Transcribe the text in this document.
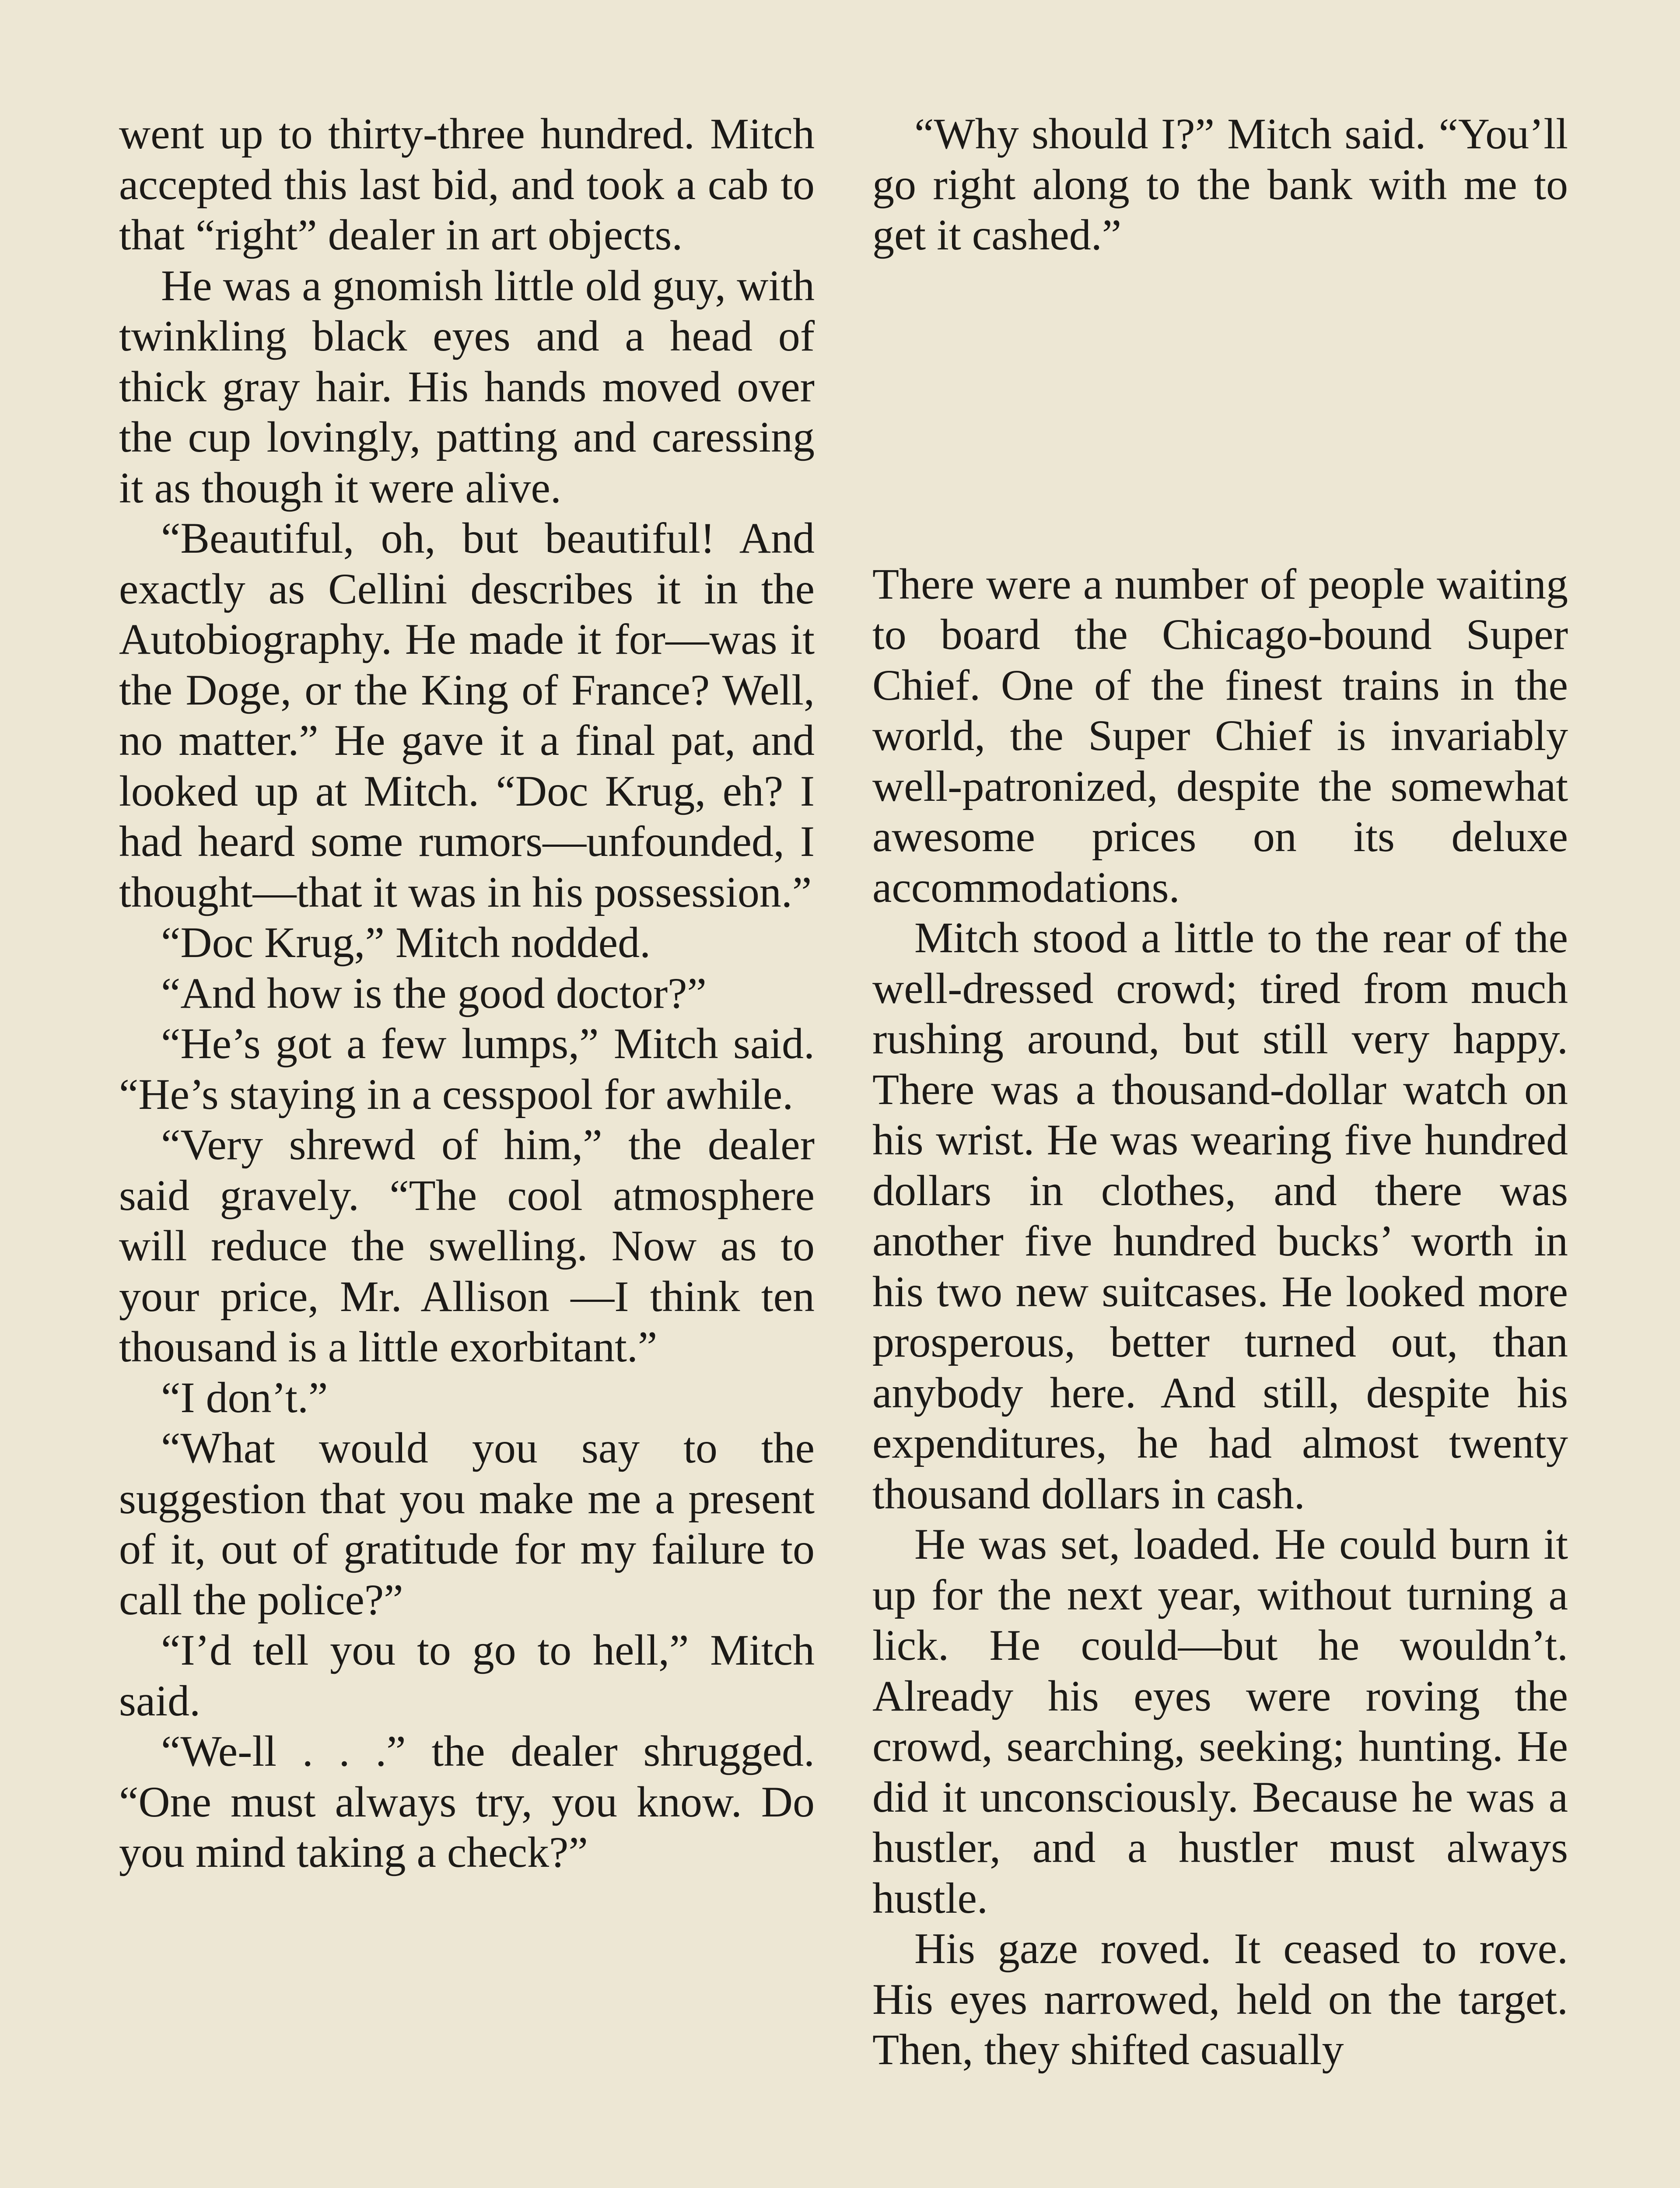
went up to thirty-three hundred. Mitch accepted this last bid, and took a cab to that “right” dealer in art objects.

He was a gnomish little old guy, with twinkling black eyes and a head of thick gray hair. His hands moved over the cup lovingly, patting and caressing it as though it were alive.

“Beautiful, oh, but beautiful! And exactly as Cellini describes it in the Autobiography. He made it for—was it the Doge, or the King of France? Well, no matter.” He gave it a final pat, and looked up at Mitch. “Doc Krug, eh? I had heard some rumors—unfounded, I thought—that it was in his possession.”

“Doc Krug,” Mitch nodded.

“And how is the good doctor?”

“He’s got a few lumps,” Mitch said. “He’s staying in a cesspool for awhile.

“Very shrewd of him,” the dealer said gravely. “The cool atmosphere will reduce the swelling. Now as to your price, Mr. Allison —I think ten thousand is a little exorbitant.”

“I don’t.”

“What would you say to the suggestion that you make me a present of it, out of gratitude for my failure to call the police?”

“I’d tell you to go to hell,” Mitch said.

“We-ll . . .” the dealer shrugged. “One must always try, you know. Do you mind taking a check?”

“Why should I?” Mitch said. “You’ll go right along to the bank with me to get it cashed.”

There were a number of people waiting to board the Chicago-bound Super Chief. One of the finest trains in the world, the Super Chief is invariably well-patronized, despite the somewhat awesome prices on its deluxe accommodations.

Mitch stood a little to the rear of the well-dressed crowd; tired from much rushing around, but still very happy. There was a thousand-dollar watch on his wrist. He was wearing five hundred dollars in clothes, and there was another five hundred bucks’ worth in his two new suitcases. He looked more prosperous, better turned out, than anybody here. And still, despite his expenditures, he had almost twenty thousand dollars in cash.

He was set, loaded. He could burn it up for the next year, without turning a lick. He could—but he wouldn’t. Already his eyes were roving the crowd, searching, seeking; hunting. He did it unconsciously. Because he was a hustler, and a hustler must always hustle.

His gaze roved. It ceased to rove. His eyes narrowed, held on the target. Then, they shifted casually
